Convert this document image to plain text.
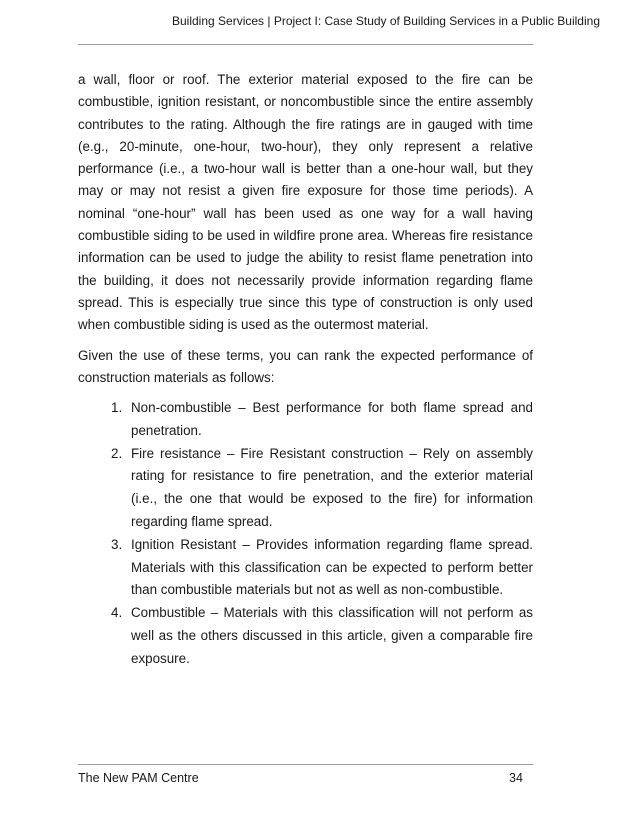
Building Services | Project I: Case Study of Building Services in a Public Building

a wall, floor or roof. The exterior material exposed to the fire can be combustible, ignition resistant, or noncombustible since the entire assembly contributes to the rating. Although the fire ratings are in gauged with time (e.g., 20-minute, one-hour, two-hour), they only represent a relative performance (i.e., a two-hour wall is better than a one-hour wall, but they may or may not resist a given fire exposure for those time periods). A nominal “one-hour” wall has been used as one way for a wall having combustible siding to be used in wildfire prone area. Whereas fire resistance information can be used to judge the ability to resist flame penetration into the building, it does not necessarily provide information regarding flame spread. This is especially true since this type of construction is only used when combustible siding is used as the outermost material.

Given the use of these terms, you can rank the expected performance of construction materials as follows:

1. Non-combustible – Best performance for both flame spread and penetration.
2. Fire resistance – Fire Resistant construction – Rely on assembly rating for resistance to fire penetration, and the exterior material (i.e., the one that would be exposed to the fire) for information regarding flame spread.
3. Ignition Resistant – Provides information regarding flame spread. Materials with this classification can be expected to perform better than combustible materials but not as well as non-combustible.
4. Combustible – Materials with this classification will not perform as well as the others discussed in this article, given a comparable fire exposure.
The New PAM Centre	34
